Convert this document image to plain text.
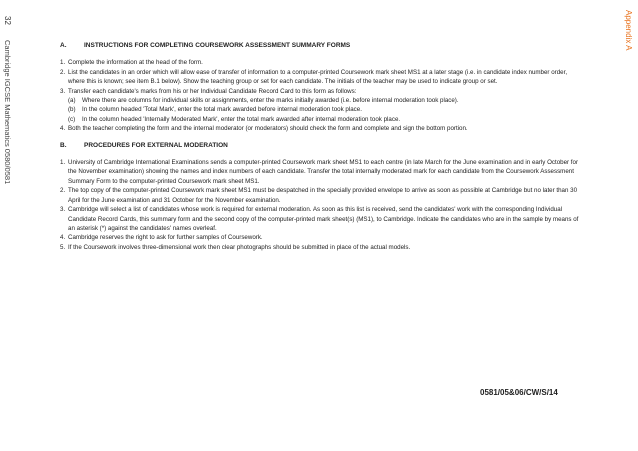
32
Cambridge IGCSE Mathematics 0580/0581
Appendix A
A.	INSTRUCTIONS FOR COMPLETING COURSEWORK ASSESSMENT SUMMARY FORMS
1. Complete the information at the head of the form.
2. List the candidates in an order which will allow ease of transfer of information to a computer-printed Coursework mark sheet MS1 at a later stage (i.e. in candidate index number order, where this is known; see item B.1 below). Show the teaching group or set for each candidate. The initials of the teacher may be used to indicate group or set.
3. Transfer each candidate's marks from his or her Individual Candidate Record Card to this form as follows:
(a)	Where there are columns for individual skills or assignments, enter the marks initially awarded (i.e. before internal moderation took place).
(b)	In the column headed 'Total Mark', enter the total mark awarded before internal moderation took place.
(c)	In the column headed 'Internally Moderated Mark', enter the total mark awarded after internal moderation took place.
4. Both the teacher completing the form and the internal moderator (or moderators) should check the form and complete and sign the bottom portion.
B.	PROCEDURES FOR EXTERNAL MODERATION
1. University of Cambridge International Examinations sends a computer-printed Coursework mark sheet MS1 to each centre (in late March for the June examination and in early October for the November examination) showing the names and index numbers of each candidate. Transfer the total internally moderated mark for each candidate from the Coursework Assessment Summary Form to the computer-printed Coursework mark sheet MS1.
2. The top copy of the computer-printed Coursework mark sheet MS1 must be despatched in the specially provided envelope to arrive as soon as possible at Cambridge but no later than 30 April for the June examination and 31 October for the November examination.
3. Cambridge will select a list of candidates whose work is required for external moderation. As soon as this list is received, send the candidates' work with the corresponding Individual Candidate Record Cards, this summary form and the second copy of the computer-printed mark sheet(s) (MS1), to Cambridge. Indicate the candidates who are in the sample by means of an asterisk (*) against the candidates' names overleaf.
4. Cambridge reserves the right to ask for further samples of Coursework.
5. If the Coursework involves three-dimensional work then clear photographs should be submitted in place of the actual models.
0581/05&06/CW/S/14
